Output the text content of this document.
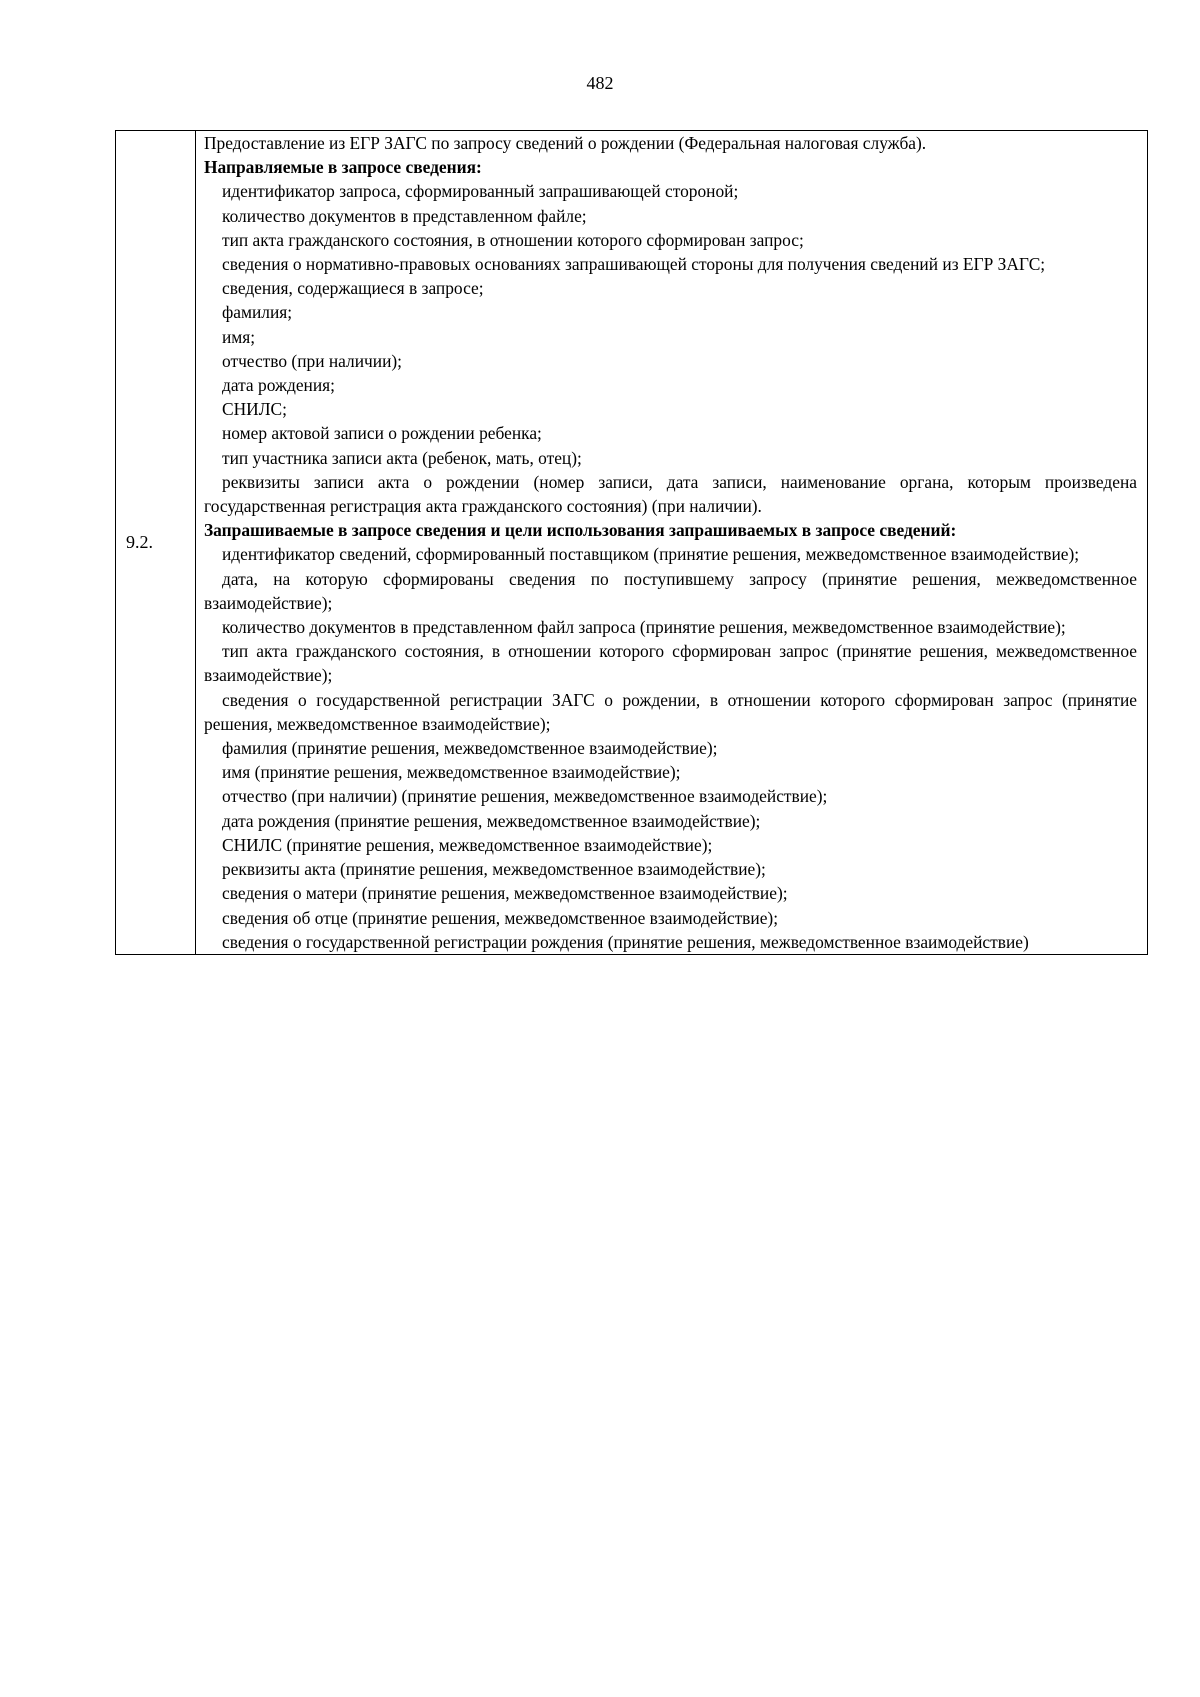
482
9.2.	

Предоставление из ЕГР ЗАГС по запросу сведений о рождении (Федеральная налоговая служба).

Направляемые в запросе сведения:

идентификатор запроса, сформированный запрашивающей стороной;

количество документов в представленном файле;

тип акта гражданского состояния, в отношении которого сформирован запрос;

сведения о нормативно-правовых основаниях запрашивающей стороны для получения сведений из ЕГР ЗАГС;

сведения, содержащиеся в запросе;

фамилия;

имя;

отчество (при наличии);

дата рождения;

СНИЛС;

номер актовой записи о рождении ребенка;

тип участника записи акта (ребенок, мать, отец);

реквизиты записи акта о рождении (номер записи, дата записи, наименование органа, которым произведена государственная регистрация акта гражданского состояния) (при наличии).

Запрашиваемые в запросе сведения и цели использования запрашиваемых в запросе сведений:

идентификатор сведений, сформированный поставщиком (принятие решения, межведомственное взаимодействие);

дата, на которую сформированы сведения по поступившему запросу (принятие решения, межведомственное взаимодействие);

количество документов в представленном файл запроса (принятие решения, межведомственное взаимодействие);

тип акта гражданского состояния, в отношении которого сформирован запрос (принятие решения, межведомственное взаимодействие);

сведения о государственной регистрации ЗАГС о рождении, в отношении которого сформирован запрос (принятие решения, межведомственное взаимодействие);

фамилия (принятие решения, межведомственное взаимодействие);

имя (принятие решения, межведомственное взаимодействие);

отчество (при наличии) (принятие решения, межведомственное взаимодействие);

дата рождения (принятие решения, межведомственное взаимодействие);

СНИЛС (принятие решения, межведомственное взаимодействие);

реквизиты акта (принятие решения, межведомственное взаимодействие);

сведения о матери (принятие решения, межведомственное взаимодействие);

сведения об отце (принятие решения, межведомственное взаимодействие);

сведения о государственной регистрации рождения (принятие решения, межведомственное взаимодействие)
